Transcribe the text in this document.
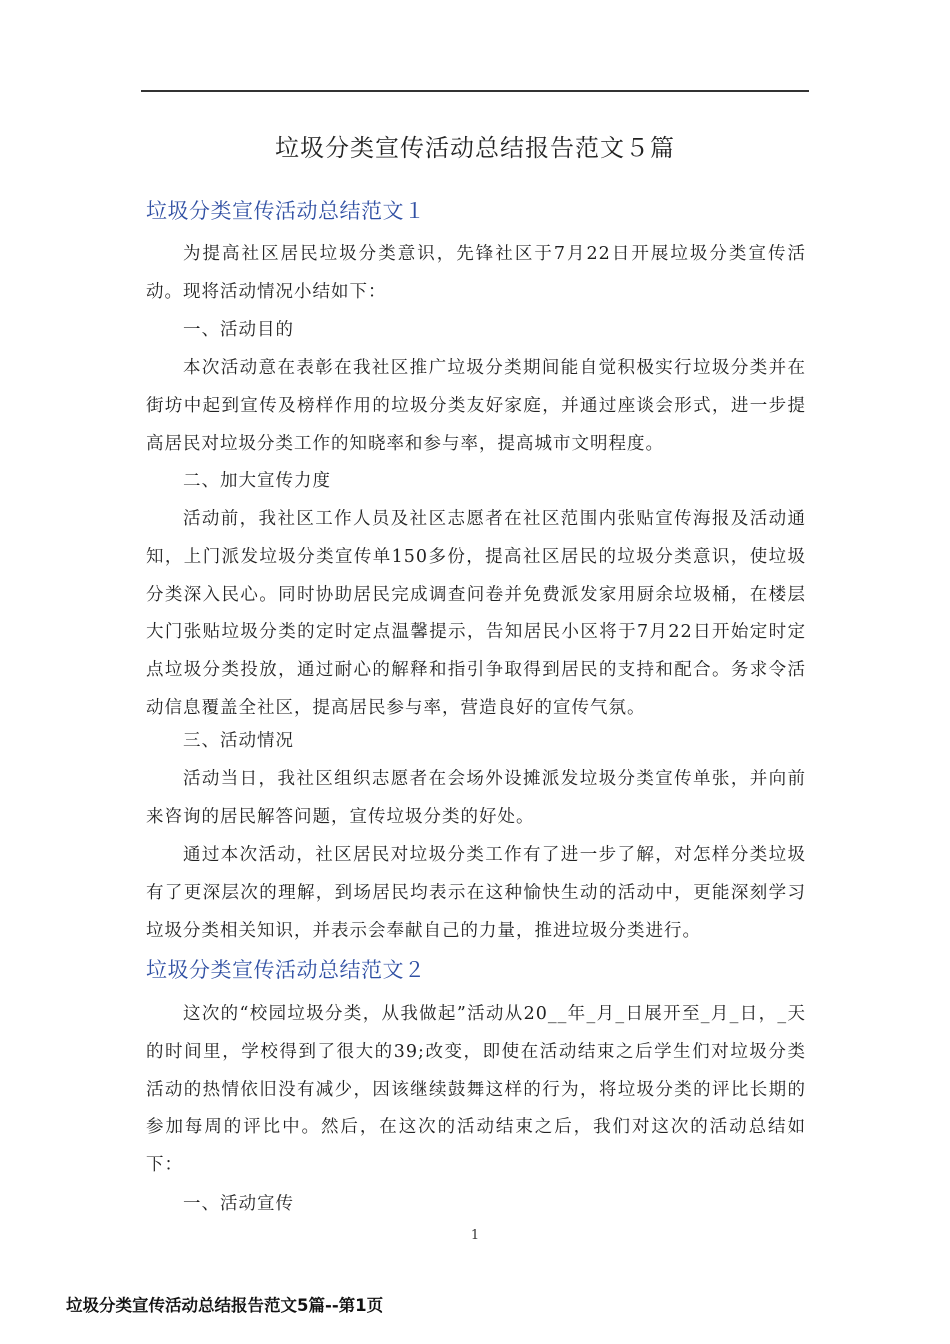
垃圾分类宣传活动总结报告范文５篇
垃圾分类宣传活动总结范文１
为提高社区居民垃圾分类意识，先锋社区于7月22日开展垃圾分类宣传活动。现将活动情况小结如下：
一、活动目的
本次活动意在表彰在我社区推广垃圾分类期间能自觉积极实行垃圾分类并在街坊中起到宣传及榜样作用的垃圾分类友好家庭，并通过座谈会形式，进一步提高居民对垃圾分类工作的知晓率和参与率，提高城市文明程度。
二、加大宣传力度
活动前，我社区工作人员及社区志愿者在社区范围内张贴宣传海报及活动通知，上门派发垃圾分类宣传单150多份，提高社区居民的垃圾分类意识，使垃圾分类深入民心。同时协助居民完成调查问卷并免费派发家用厨余垃圾桶，在楼层大门张贴垃圾分类的定时定点温馨提示，告知居民小区将于7月22日开始定时定点垃圾分类投放，通过耐心的解释和指引争取得到居民的支持和配合。务求令活动信息覆盖全社区，提高居民参与率，营造良好的宣传气氛。
三、活动情况
活动当日，我社区组织志愿者在会场外设摊派发垃圾分类宣传单张，并向前来咨询的居民解答问题，宣传垃圾分类的好处。
通过本次活动，社区居民对垃圾分类工作有了进一步了解，对怎样分类垃圾有了更深层次的理解，到场居民均表示在这种愉快生动的活动中，更能深刻学习垃圾分类相关知识，并表示会奉献自己的力量，推进垃圾分类进行。
垃圾分类宣传活动总结范文２
这次的“校园垃圾分类，从我做起”活动从20__年_月_日展开至_月_日，_天的时间里，学校得到了很大的39;改变，即使在活动结束之后学生们对垃圾分类活动的热情依旧没有减少，因该继续鼓舞这样的行为，将垃圾分类的评比长期的参加每周的评比中。然后，在这次的活动结束之后，我们对这次的活动总结如下：
一、活动宣传
1
垃圾分类宣传活动总结报告范文5篇--第1页
